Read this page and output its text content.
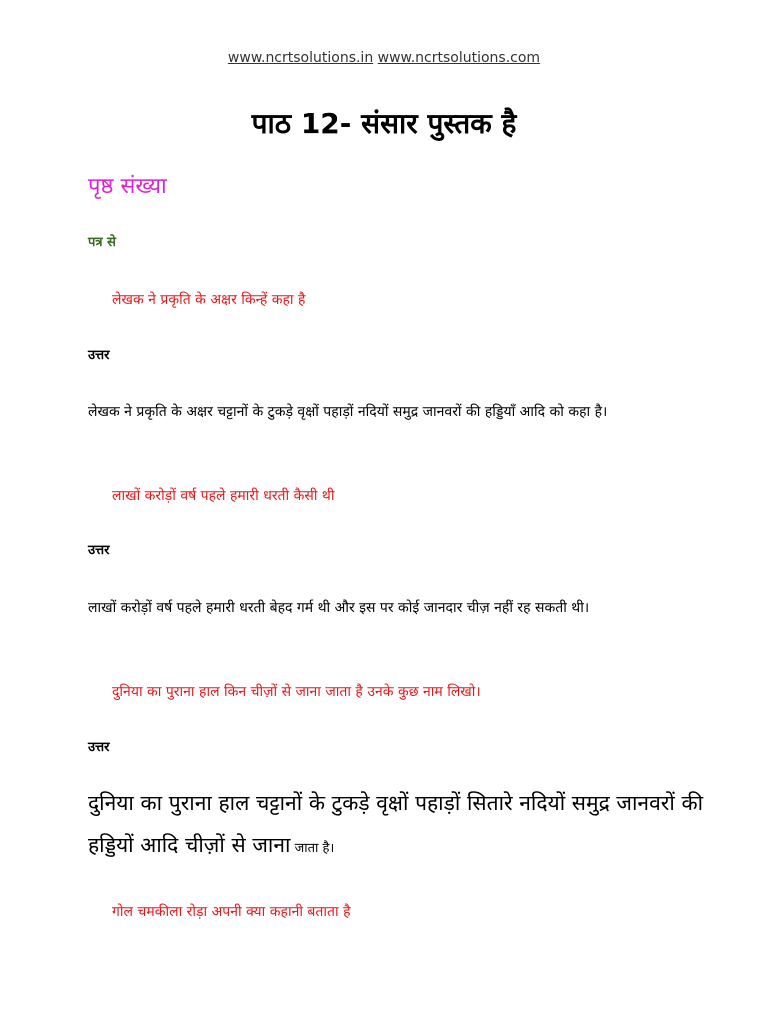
www.ncrtsolutions.in www.ncrtsolutions.com
पाठ 12- संसार पुस्तक है
पृष्ठ संख्या
पत्र से
लेखक ने प्रकृति के अक्षर किन्हें कहा है
उत्तर

लेखक ने प्रकृति के अक्षर चट्टानों के टुकड़े वृक्षों पहाड़ों नदियों समुद्र जानवरों की हड्डियाँ आदि को कहा है।

लाखों करोड़ों वर्ष पहले हमारी धरती कैसी थी
उत्तर

लाखों करोड़ों वर्ष पहले हमारी धरती बेहद गर्म थी और इस पर कोई जानदार चीज़ नहीं रह सकती थी।

दुनिया का पुराना हाल किन चीज़ों से जाना जाता है उनके कुछ नाम लिखो।
उत्तर

दुनिया का पुराना हाल चट्टानों के टुकड़े वृक्षों पहाड़ों सितारे नदियों समुद्र जानवरों की हड्डियों आदि चीज़ों से जाना जाता है।

गोल चमकीला रोड़ा अपनी क्या कहानी बताता है
